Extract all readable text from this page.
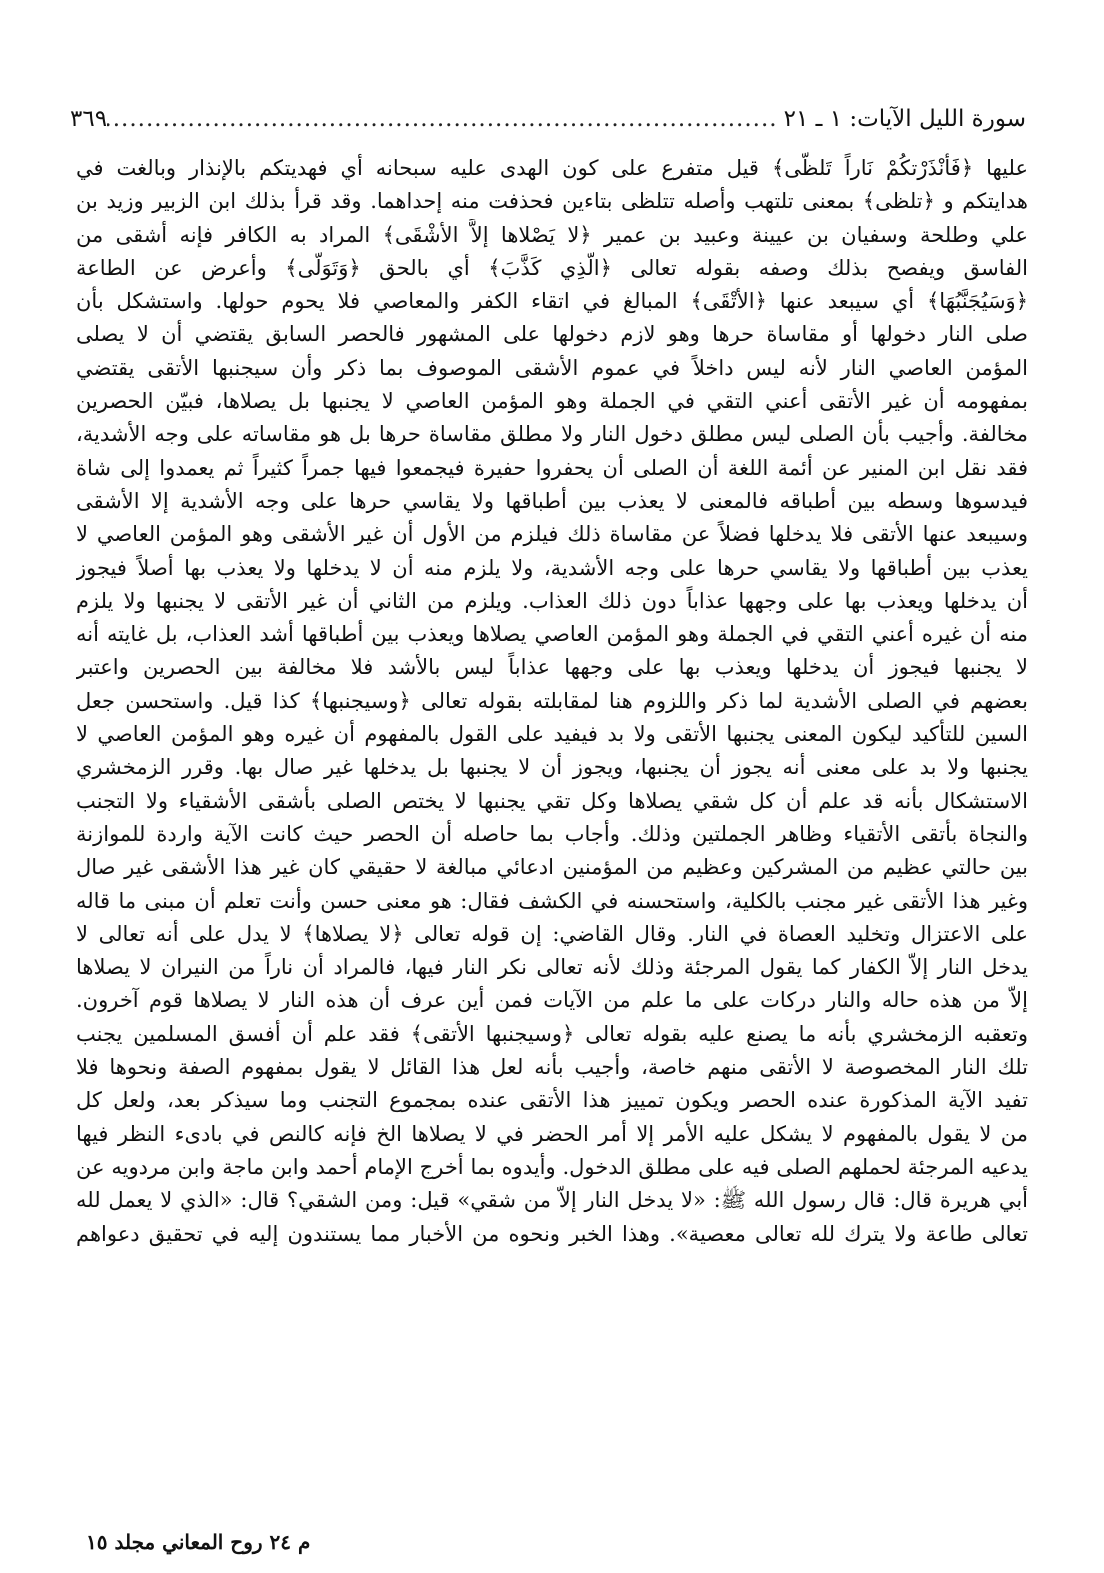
سورة الليل الآيات: ١ ـ ٢١
.....
٣٦٩
عليها ﴿فَأَنْذَرْتكُمْ نَاراً تَلظّى﴾ قيل متفرع على كون الهدى عليه سبحانه أي فهديتكم بالإنذار وبالغت في
هدايتكم و ﴿تلظى﴾ بمعنى تلتهب وأصله تتلظى بتاءين فحذفت منه إحداهما. وقد قرأ بذلك ابن الزبير وزيد بن
علي وطلحة وسفيان بن عيينة وعبيد بن عمير ﴿لا يَصْلاها إلاَّ الأشْقَى﴾ المراد به الكافر فإنه أشقى من
الفاسق ويفصح بذلك وصفه بقوله تعالى ﴿الّذِي كَذَّبَ﴾ أي بالحق ﴿وَتَوَلّى﴾ وأعرض عن الطاعة
﴿وَسَيُجَنَّبُهَا﴾ أي سيبعد عنها ﴿الأتْقَى﴾ المبالغ في اتقاء الكفر والمعاصي فلا يحوم حولها. واستشكل بأن
صلى النار دخولها أو مقاساة حرها وهو لازم دخولها على المشهور فالحصر السابق يقتضي أن لا يصلى
المؤمن العاصي النار لأنه ليس داخلاً في عموم الأشقى الموصوف بما ذكر وأن سيجنبها الأتقى يقتضي
بمفهومه أن غير الأتقى أعني التقي في الجملة وهو المؤمن العاصي لا يجنبها بل يصلاها، فبيّن الحصرين
مخالفة. وأجيب بأن الصلى ليس مطلق دخول النار ولا مطلق مقاساة حرها بل هو مقاساته على وجه الأشدية،
فقد نقل ابن المنير عن أئمة اللغة أن الصلى أن يحفروا حفيرة فيجمعوا فيها جمراً كثيراً ثم يعمدوا إلى شاة
فيدسوها وسطه بين أطباقه فالمعنى لا يعذب بين أطباقها ولا يقاسي حرها على وجه الأشدية إلا الأشقى
وسيبعد عنها الأتقى فلا يدخلها فضلاً عن مقاساة ذلك فيلزم من الأول أن غير الأشقى وهو المؤمن العاصي لا
يعذب بين أطباقها ولا يقاسي حرها على وجه الأشدية، ولا يلزم منه أن لا يدخلها ولا يعذب بها أصلاً فيجوز
أن يدخلها ويعذب بها على وجهها عذاباً دون ذلك العذاب. ويلزم من الثاني أن غير الأتقى لا يجنبها ولا يلزم
منه أن غيره أعني التقي في الجملة وهو المؤمن العاصي يصلاها ويعذب بين أطباقها أشد العذاب، بل غايته أنه
لا يجنبها فيجوز أن يدخلها ويعذب بها على وجهها عذاباً ليس بالأشد فلا مخالفة بين الحصرين واعتبر
بعضهم في الصلى الأشدية لما ذكر واللزوم هنا لمقابلته بقوله تعالى ﴿وسيجنبها﴾ كذا قيل. واستحسن جعل
السين للتأكيد ليكون المعنى يجنبها الأتقى ولا بد فيفيد على القول بالمفهوم أن غيره وهو المؤمن العاصي لا
يجنبها ولا بد على معنى أنه يجوز أن يجنبها، ويجوز أن لا يجنبها بل يدخلها غير صال بها. وقرر الزمخشري
الاستشكال بأنه قد علم أن كل شقي يصلاها وكل تقي يجنبها لا يختص الصلى بأشقى الأشقياء ولا التجنب
والنجاة بأتقى الأتقياء وظاهر الجملتين وذلك. وأجاب بما حاصله أن الحصر حيث كانت الآية واردة للموازنة
بين حالتي عظيم من المشركين وعظيم من المؤمنين ادعائي مبالغة لا حقيقي كان غير هذا الأشقى غير صال
وغير هذا الأتقى غير مجنب بالكلية، واستحسنه في الكشف فقال: هو معنى حسن وأنت تعلم أن مبنى ما قاله
على الاعتزال وتخليد العصاة في النار. وقال القاضي: إن قوله تعالى ﴿لا يصلاها﴾ لا يدل على أنه تعالى لا
يدخل النار إلاّ الكفار كما يقول المرجئة وذلك لأنه تعالى نكر النار فيها، فالمراد أن ناراً من النيران لا يصلاها
إلاّ من هذه حاله والنار دركات على ما علم من الآيات فمن أين عرف أن هذه النار لا يصلاها قوم آخرون.
وتعقبه الزمخشري بأنه ما يصنع عليه بقوله تعالى ﴿وسيجنبها الأتقى﴾ فقد علم أن أفسق المسلمين يجنب
تلك النار المخصوصة لا الأتقى منهم خاصة، وأجيب بأنه لعل هذا القائل لا يقول بمفهوم الصفة ونحوها فلا
تفيد الآية المذكورة عنده الحصر ويكون تمييز هذا الأتقى عنده بمجموع التجنب وما سيذكر بعد، ولعل كل
من لا يقول بالمفهوم لا يشكل عليه الأمر إلا أمر الحضر في لا يصلاها الخ فإنه كالنص في بادىء النظر فيها
يدعيه المرجئة لحملهم الصلى فيه على مطلق الدخول. وأيدوه بما أخرج الإمام أحمد وابن ماجة وابن مردويه عن
أبي هريرة قال: قال رسول الله ﷺ: «لا يدخل النار إلاّ من شقي» قيل: ومن الشقي؟ قال: «الذي لا يعمل لله
تعالى طاعة ولا يترك لله تعالى معصية». وهذا الخبر ونحوه من الأخبار مما يستندون إليه في تحقيق دعواهم
م ٢٤ روح المعاني مجلد ١٥
